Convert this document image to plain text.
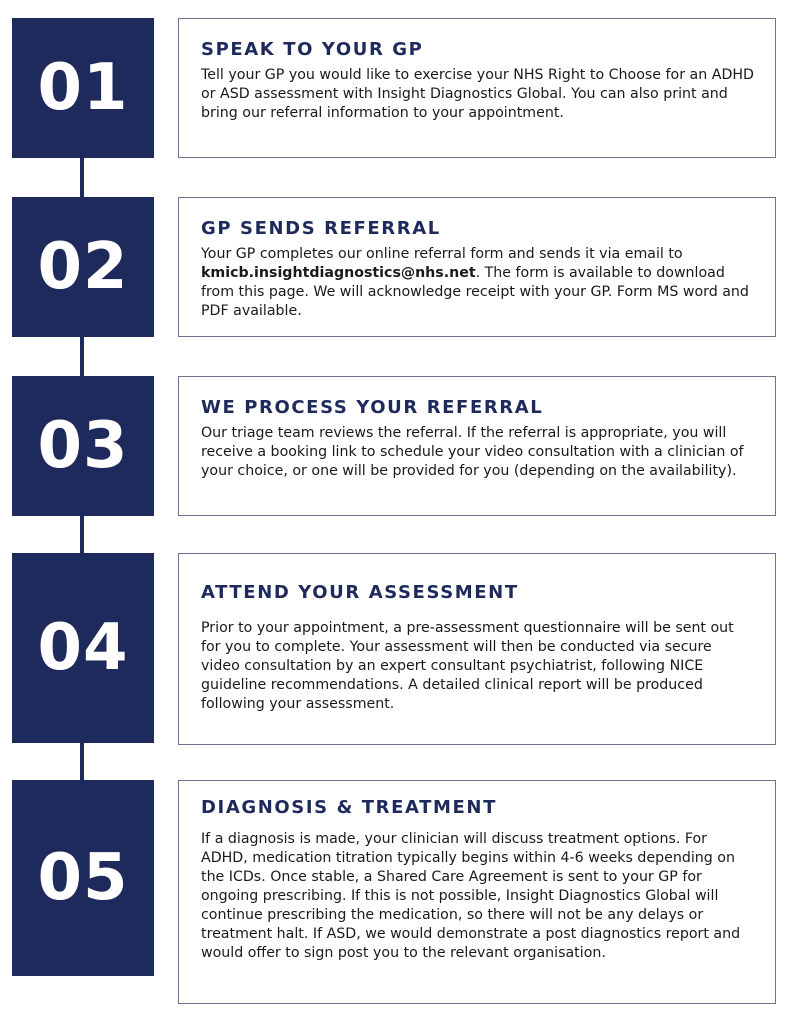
01
SPEAK TO YOUR GP

Tell your GP you would like to exercise your NHS Right to Choose for an ADHD or ASD assessment with Insight Diagnostics Global. You can also print and bring our referral information to your appointment.

02
GP SENDS REFERRAL

Your GP completes our online referral form and sends it via email to kmicb.insightdiagnostics@nhs.net. The form is available to download from this page. We will acknowledge receipt with your GP. Form MS word and PDF available.

03
WE PROCESS YOUR REFERRAL

Our triage team reviews the referral. If the referral is appropriate, you will receive a booking link to schedule your video consultation with a clinician of your choice, or one will be provided for you (depending on the availability).

04
ATTEND YOUR ASSESSMENT

Prior to your appointment, a pre-assessment questionnaire will be sent out for you to complete. Your assessment will then be conducted via secure video consultation by an expert consultant psychiatrist, following NICE guideline recommendations. A detailed clinical report will be produced following your assessment.

05
DIAGNOSIS & TREATMENT

If a diagnosis is made, your clinician will discuss treatment options. For ADHD, medication titration typically begins within 4-6 weeks depending on the ICDs. Once stable, a Shared Care Agreement is sent to your GP for ongoing prescribing. If this is not possible, Insight Diagnostics Global will continue prescribing the medication, so there will not be any delays or treatment halt. If ASD, we would demonstrate a post diagnostics report and would offer to sign post you to the relevant organisation.
